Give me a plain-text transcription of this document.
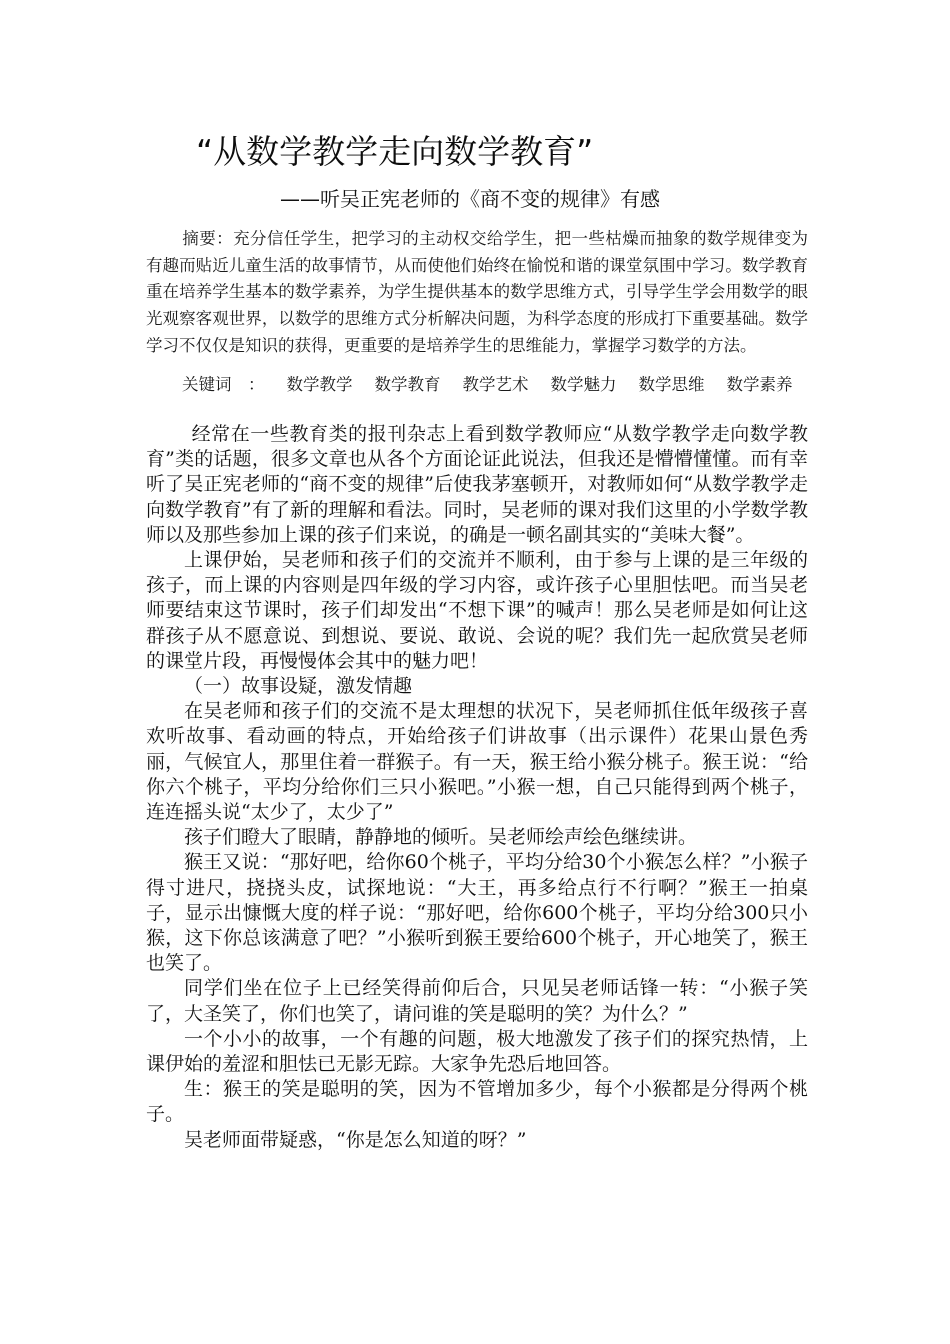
“从数学教学走向数学教育”
——听吴正宪老师的《商不变的规律》有感

摘要：充分信任学生，把学习的主动权交给学生，把一些枯燥而抽象的数学规律变为有趣而贴近儿童生活的故事情节，从而使他们始终在愉悦和谐的课堂氛围中学习。数学教育重在培养学生基本的数学素养，为学生提供基本的数学思维方式，引导学生学会用数学的眼光观察客观世界，以数学的思维方式分析解决问题，为科学态度的形成打下重要基础。数学学习不仅仅是知识的获得，更重要的是培养学生的思维能力，掌握学习数学的方法。

关键词　： 数学教学 数学教育 教学艺术 数学魅力 数学思维 数学素养

经常在一些教育类的报刊杂志上看到数学教师应“从数学教学走向数学教育”类的话题，很多文章也从各个方面论证此说法，但我还是懵懵懂懂。而有幸听了吴正宪老师的“商不变的规律”后使我茅塞顿开，对教师如何“从数学教学走向数学教育”有了新的理解和看法。同时，吴老师的课对我们这里的小学数学教师以及那些参加上课的孩子们来说，的确是一顿名副其实的“美味大餐”。

上课伊始，吴老师和孩子们的交流并不顺利，由于参与上课的是三年级的孩子，而上课的内容则是四年级的学习内容，或许孩子心里胆怯吧。而当吴老师要结束这节课时，孩子们却发出“不想下课”的喊声！那么吴老师是如何让这群孩子从不愿意说、到想说、要说、敢说、会说的呢？我们先一起欣赏吴老师的课堂片段，再慢慢体会其中的魅力吧！

（一）故事设疑，激发情趣

在吴老师和孩子们的交流不是太理想的状况下，吴老师抓住低年级孩子喜欢听故事、看动画的特点，开始给孩子们讲故事（出示课件）花果山景色秀丽，气候宜人，那里住着一群猴子。有一天，猴王给小猴分桃子。猴王说：“给你六个桃子，平均分给你们三只小猴吧。”小猴一想，自己只能得到两个桃子，连连摇头说“太少了，太少了”

孩子们瞪大了眼睛，静静地的倾听。吴老师绘声绘色继续讲。

猴王又说：“那好吧，给你60个桃子，平均分给30个小猴怎么样？”小猴子得寸进尺，挠挠头皮，试探地说：“大王，再多给点行不行啊？”猴王一拍桌子，显示出慷慨大度的样子说：“那好吧，给你600个桃子，平均分给300只小猴，这下你总该满意了吧？”小猴听到猴王要给600个桃子，开心地笑了，猴王也笑了。

同学们坐在位子上已经笑得前仰后合，只见吴老师话锋一转：“小猴子笑了，大圣笑了，你们也笑了，请问谁的笑是聪明的笑？为什么？”

一个小小的故事，一个有趣的问题，极大地激发了孩子们的探究热情，上课伊始的羞涩和胆怯已无影无踪。大家争先恐后地回答。

生：猴王的笑是聪明的笑，因为不管增加多少，每个小猴都是分得两个桃子。

吴老师面带疑惑，“你是怎么知道的呀？”
